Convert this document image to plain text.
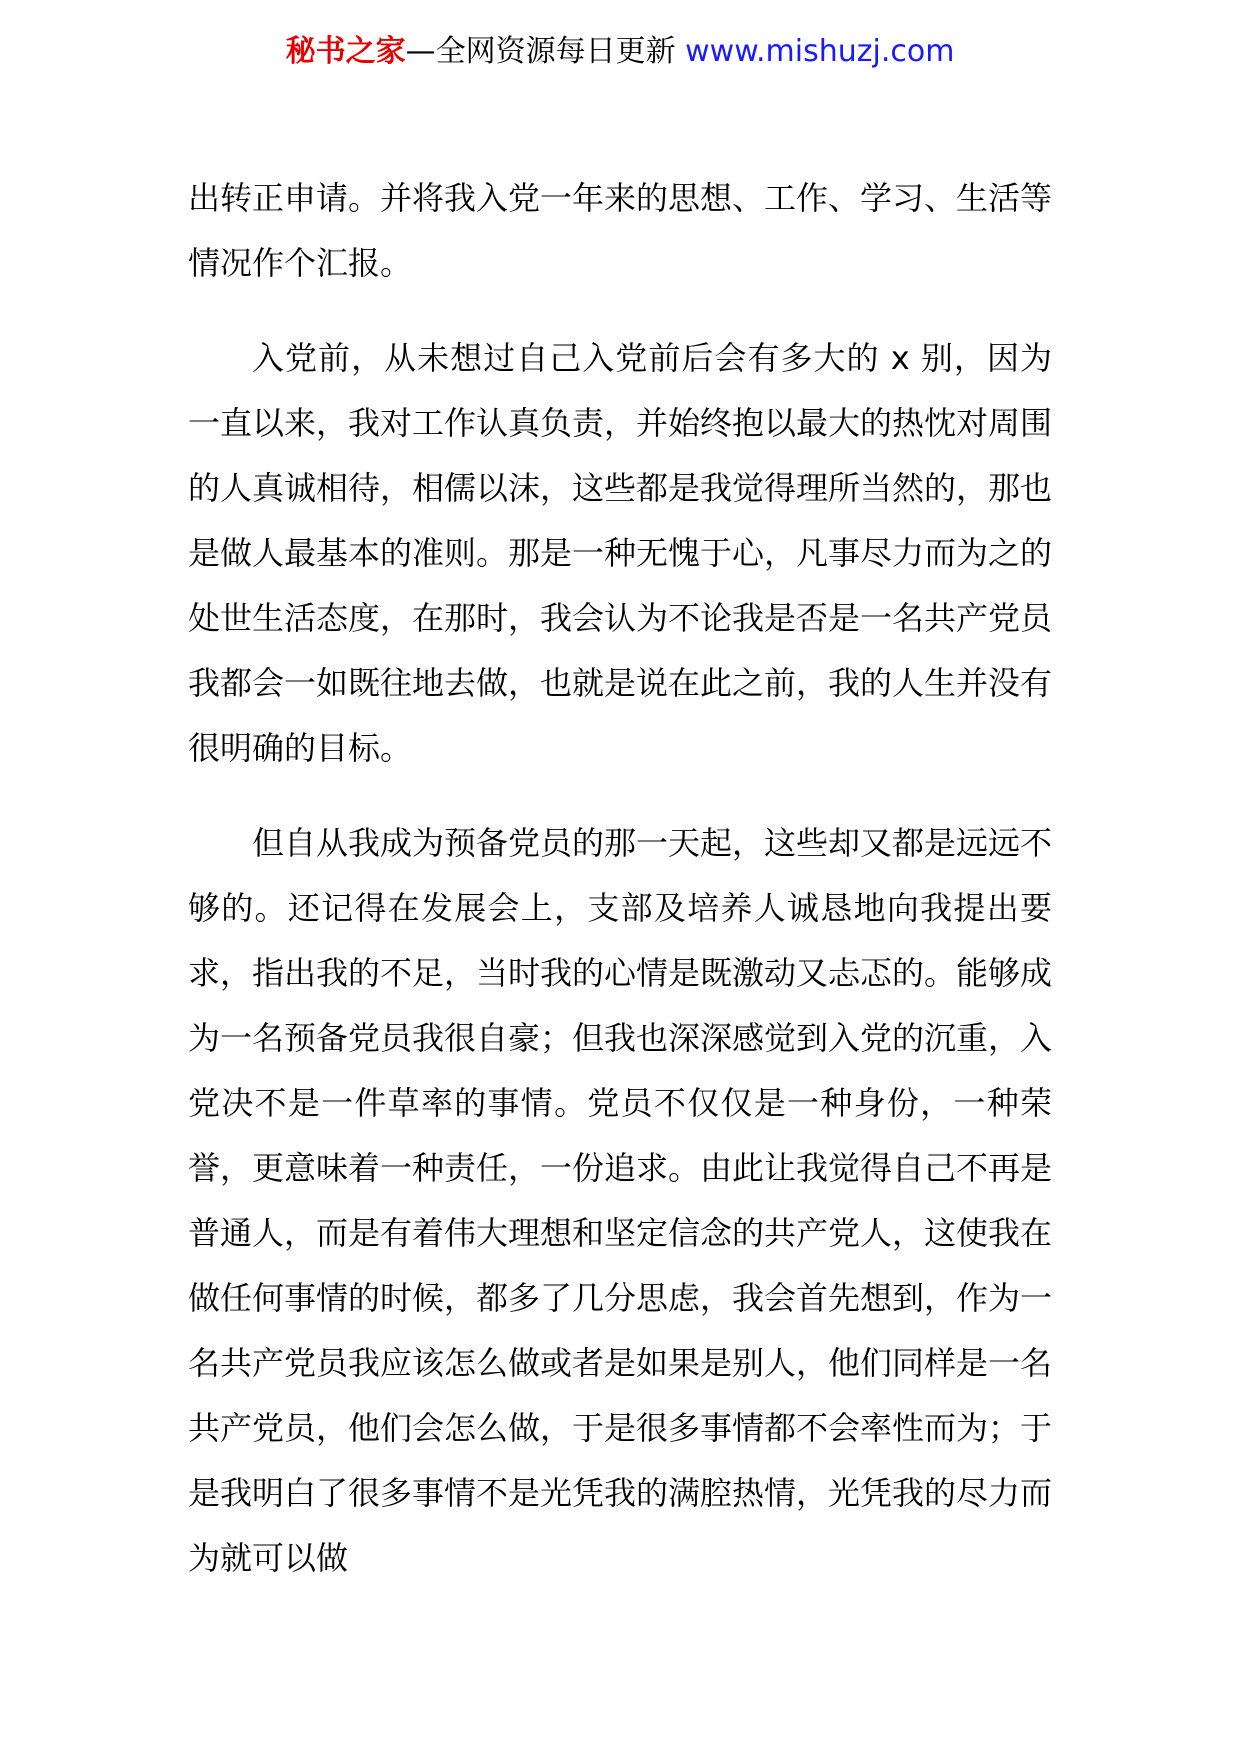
秘书之家—全网资源每日更新 www.mishuzj.com

出转正申请。并将我入党一年来的思想、工作、学习、生活等情况作个汇报。

入党前，从未想过自己入党前后会有多大的 x 别，因为一直以来，我对工作认真负责，并始终抱以最大的热忱对周围的人真诚相待，相儒以沫，这些都是我觉得理所当然的，那也是做人最基本的准则。那是一种无愧于心，凡事尽力而为之的处世生活态度，在那时，我会认为不论我是否是一名共产党员我都会一如既往地去做，也就是说在此之前，我的人生并没有很明确的目标。

但自从我成为预备党员的那一天起，这些却又都是远远不够的。还记得在发展会上，支部及培养人诚恳地向我提出要求，指出我的不足，当时我的心情是既激动又忐忑的。能够成为一名预备党员我很自豪；但我也深深感觉到入党的沉重，入党决不是一件草率的事情。党员不仅仅是一种身份，一种荣誉，更意味着一种责任，一份追求。由此让我觉得自己不再是普通人，而是有着伟大理想和坚定信念的共产党人，这使我在做任何事情的时候，都多了几分思虑，我会首先想到，作为一名共产党员我应该怎么做或者是如果是别人，他们同样是一名共产党员，他们会怎么做，于是很多事情都不会率性而为；于是我明白了很多事情不是光凭我的满腔热情，光凭我的尽力而为就可以做
